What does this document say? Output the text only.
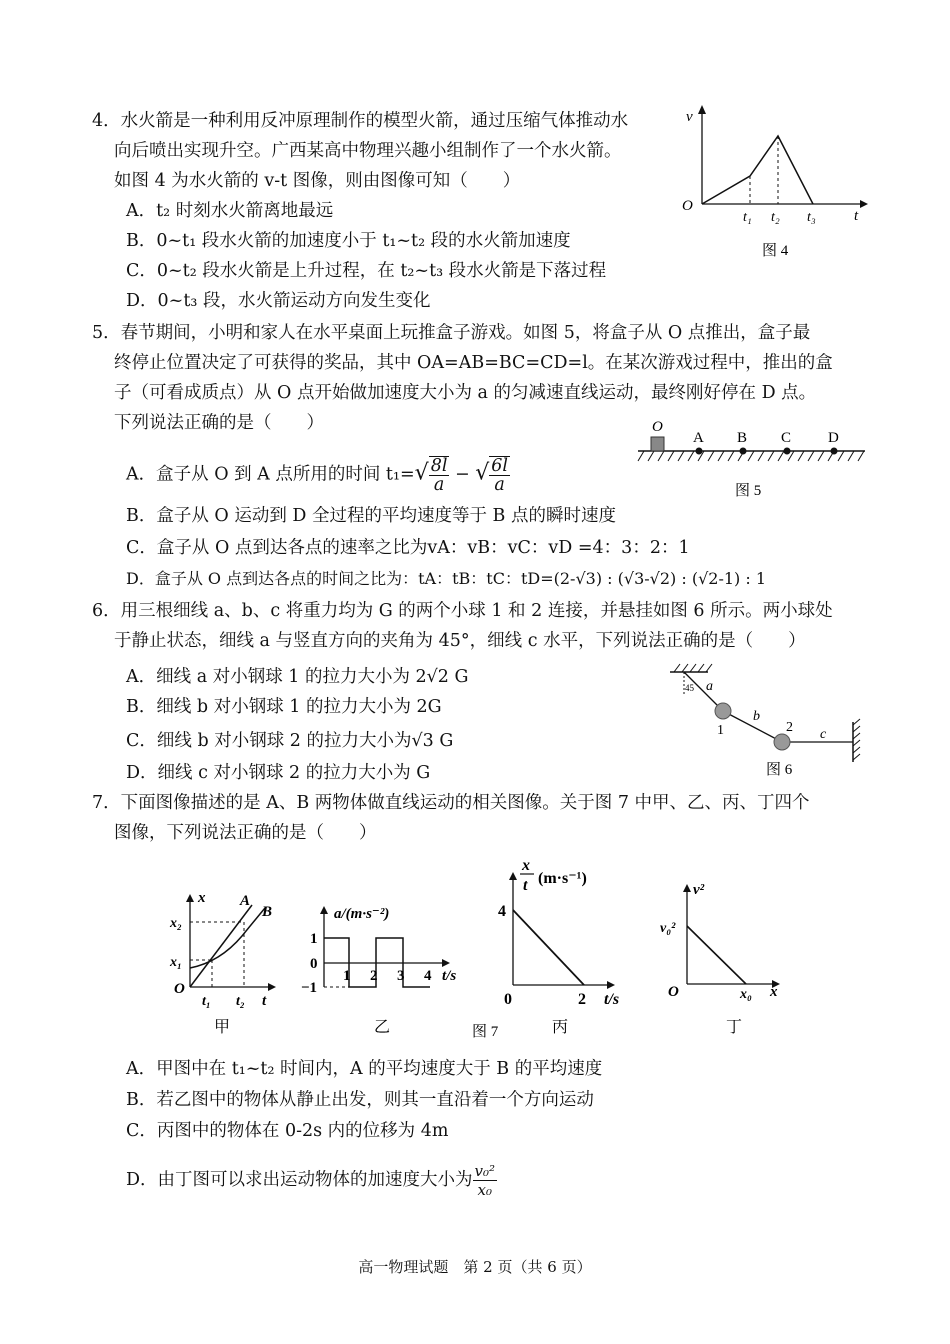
4．水火箭是一种利用反冲原理制作的模型火箭，通过压缩气体推动水
向后喷出实现升空。广西某高中物理兴趣小组制作了一个水火箭。
如图 4 为水火箭的 v-t 图像，则由图像可知（　　）
A．t₂ 时刻水火箭离地最远
B．0~t₁ 段水火箭的加速度小于 t₁~t₂ 段的水火箭加速度
C．0~t₂ 段水火箭是上升过程，在 t₂~t₃ 段水火箭是下落过程
D．0~t₃ 段，水火箭运动方向发生变化
v
O
t
t₁ t₂ t₃
图 4
5．春节期间，小明和家人在水平桌面上玩推盒子游戏。如图 5，将盒子从 O 点推出，盒子最
终停止位置决定了可获得的奖品，其中 OA=AB=BC=CD=l。在某次游戏过程中，推出的盒
子（可看成质点）从 O 点开始做加速度大小为 a 的匀减速直线运动，最终刚好停在 D 点。
下列说法正确的是（　　）
A．盒子从 O 到 A 点所用的时间 $t_1=√ \frac{8l}{a}$ − √ $\frac{6l}{a}$
B．盒子从 O 运动到 D 全过程的平均速度等于 B 点的瞬时速度
C．盒子从 O 点到达各点的速率之比为vA：vB：vC：vD =4：3：2：1
D．盒子从 O 点到达各点的时间之比为：tA：tB：tC：tD=(2-√3) : (√3-√2) : (√2-1) : 1
O
A B C D
图 5
6．用三根细线 a、b、c 将重力均为 G 的两个小球 1 和 2 连接，并悬挂如图 6 所示。两小球处
于静止状态，细线 a 与竖直方向的夹角为 45°，细线 c 水平，下列说法正确的是（　　）
A．细线 a 对小钢球 1 的拉力大小为 2√2 G
B．细线 b 对小钢球 1 的拉力大小为 2G
C．细线 b 对小钢球 2 的拉力大小为√3 G
D．细线 c 对小钢球 2 的拉力大小为 G
45 a
b
c
1	2
图 6
7．下面图像描述的是 A、B 两物体做直线运动的相关图像。关于图 7 中甲、乙、丙、丁四个
图像，下列说法正确的是（　　）
x
x₂
x₁
O
t₁ t₂ t
A
B
甲
a/(m·s⁻²)
1
0
−1
1 2 3 4 t/s
乙
x
t (m·s⁻¹)
4
0	2 t/s
丙
v²
v₀²
O	x₀ x
丁
图 7
A．甲图中在 t₁~t₂ 时间内，A 的平均速度大于 B 的平均速度
B．若乙图中的物体从静止出发，则其一直沿着一个方向运动
C．丙图中的物体在 0-2s 内的位移为 4m
D．由丁图可以求出运动物体的加速度大小为 $\frac{\text{v₀²}}{\text{x₀}}$
高一物理试题　第 2 页（共 6 页）
